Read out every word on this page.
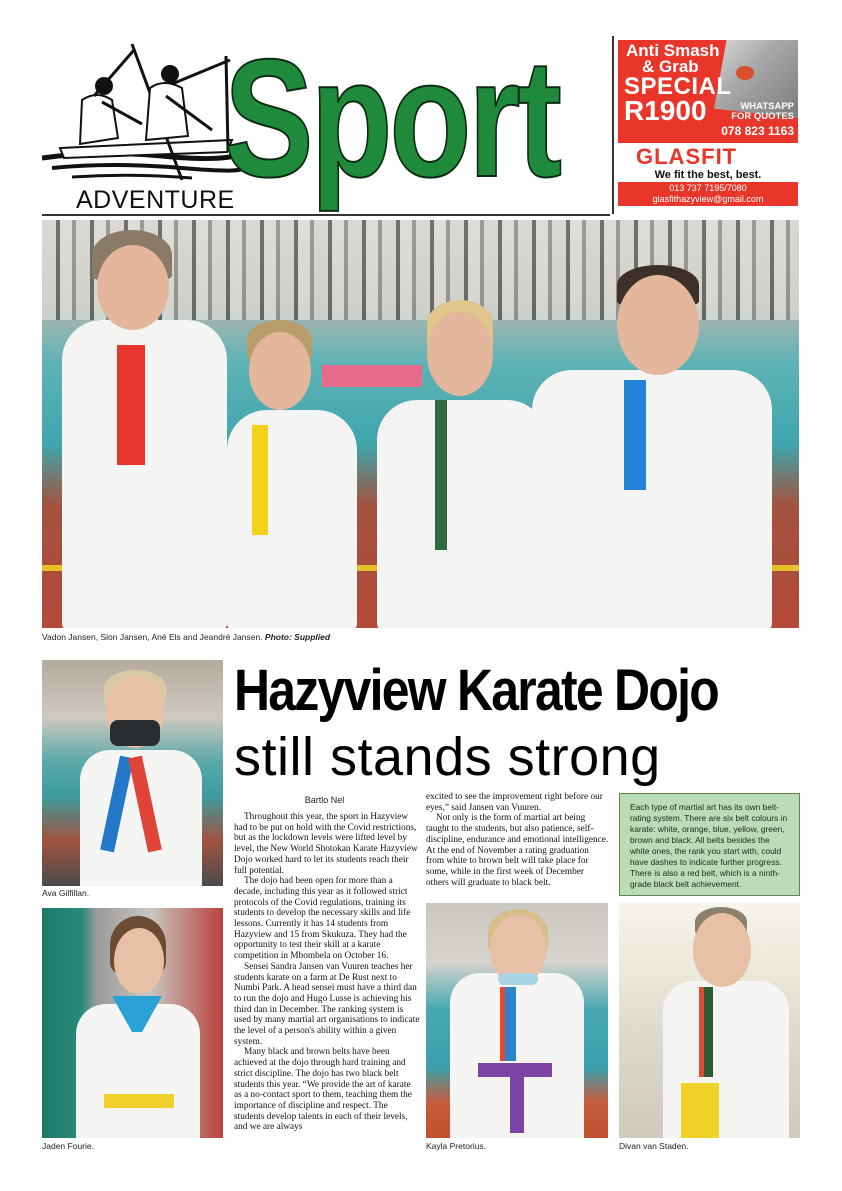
ADVENTURE
Sport	Anti Smash
& Grab
SPECIAL
R1900	WHATSAPP
FOR QUOTES
078 823 1163
GLASFIT
We fit the best, best.
013 737 7195/7080
glasfithazyview@gmail.com
Vadon Jansen, Sion Jansen, Ané Els and Jeandré Jansen. Photo: Supplied
Ava Gilfillan.
Jaden Fourie.
Hazyview Karate Dojo
still stands strong
Bartlo Nel

Throughout this year, the sport in Hazyview had to be put on hold with the Covid restrictions, but as the lockdown levels were lifted level by level, the New World Shotokan Karate Hazyview Dojo worked hard to let its students reach their full potential.

The dojo had been open for more than a decade, including this year as it followed strict protocols of the Covid regulations, training its students to develop the necessary skills and life lessons. Currently it has 14 students from Hazyview and 15 from Skukuza. They had the opportunity to test their skill at a karate competition in Mbombela on October 16.

Sensei Sandra Jansen van Vuuren teaches her students karate on a farm at De Rust next to Numbi Park. A head sensei must have a third dan to run the dojo and Hugo Lusse is achieving his third dan in December. The ranking system is used by many martial art organisations to indicate the level of a person's ability within a given system.

Many black and brown belts have been achieved at the dojo through hard training and strict discipline. The dojo has two black belt students this year. “We provide the art of karate as a no-contact sport to them, teaching them the importance of discipline and respect. The students develop talents in each of their levels, and we are always

excited to see the improvement right before our eyes,” said Jansen van Vuuren.

Not only is the form of martial art being taught to the students, but also patience, self-discipline, endurance and emotional intelligence. At the end of November a rating graduation from white to brown belt will take place for some, while in the first week of December others will graduate to black belt.

Each type of martial art has its own belt-rating system. There are six belt colours in karate: white, orange, blue, yellow, green, brown and black. All belts besides the white ones, the rank you start with, could have dashes to indicate further progress. There is also a red belt, which is a ninth-grade black belt achievement.
Kayla Pretorius.	Divan van Staden.
